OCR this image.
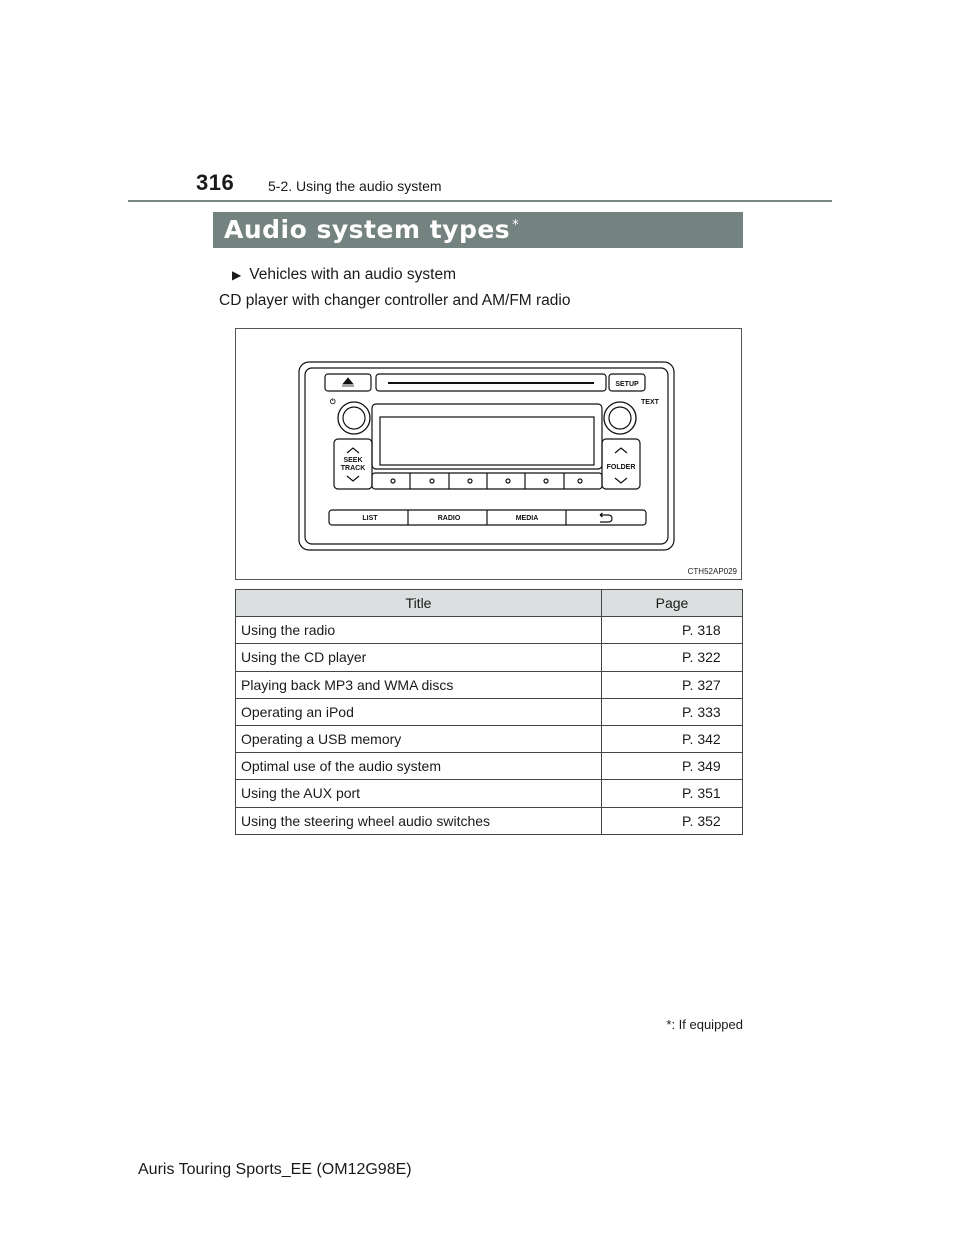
316 5-2. Using the audio system
Audio system types *
▶ Vehicles with an audio system
CD player with changer controller and AM/FM radio
SETUP
⏻	TEXT
SEEK
TRACK	FOLDER
LIST	RADIO	MEDIA
CTH52AP029
Title	Page
Using the radio	P. 318
Using the CD player	P. 322
Playing back MP3 and WMA discs	P. 327
Operating an iPod	P. 333
Operating a USB memory	P. 342
Optimal use of the audio system	P. 349
Using the AUX port	P. 351
Using the steering wheel audio switches	P. 352
*: If equipped
Auris Touring Sports_EE (OM12G98E)
